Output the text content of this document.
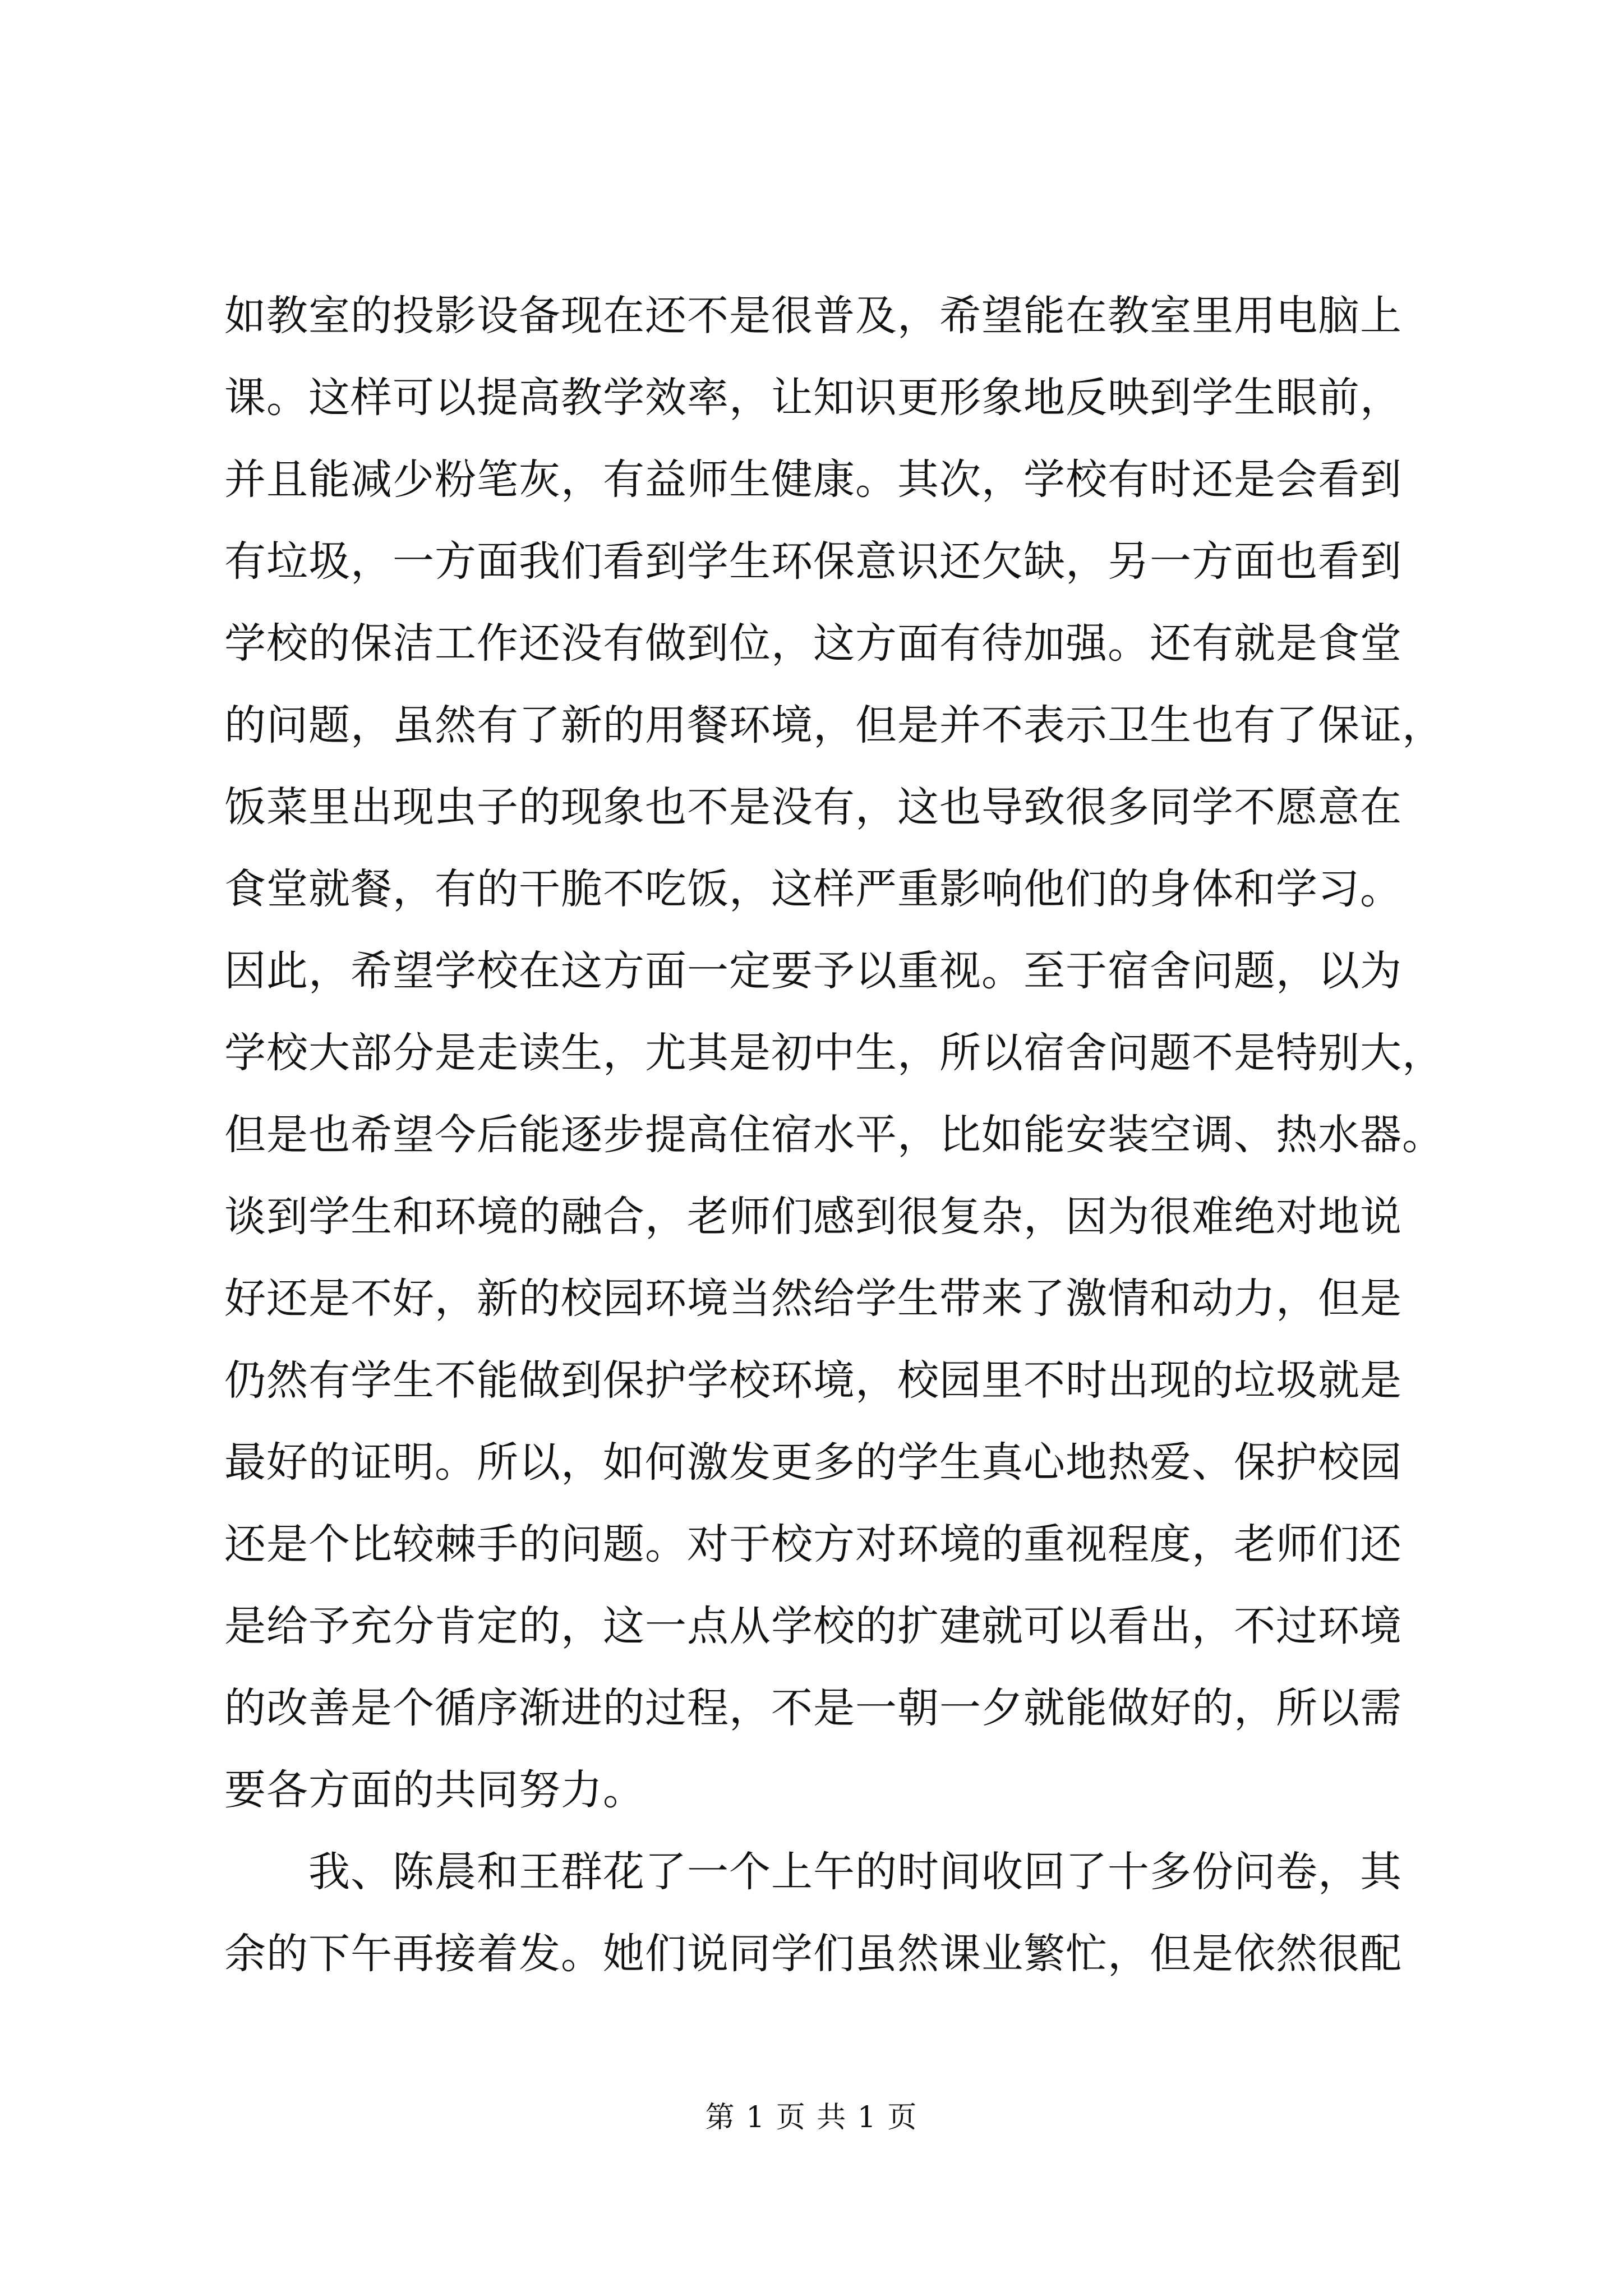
如教室的投影设备现在还不是很普及，希望能在教室里用电脑上
课。这样可以提高教学效率，让知识更形象地反映到学生眼前，
并且能减少粉笔灰，有益师生健康。其次，学校有时还是会看到
有垃圾，一方面我们看到学生环保意识还欠缺，另一方面也看到
学校的保洁工作还没有做到位，这方面有待加强。还有就是食堂
的问题，虽然有了新的用餐环境，但是并不表示卫生也有了保证，
饭菜里出现虫子的现象也不是没有，这也导致很多同学不愿意在
食堂就餐，有的干脆不吃饭，这样严重影响他们的身体和学习。
因此，希望学校在这方面一定要予以重视。至于宿舍问题，以为
学校大部分是走读生，尤其是初中生，所以宿舍问题不是特别大，
但是也希望今后能逐步提高住宿水平，比如能安装空调、热水器。
谈到学生和环境的融合，老师们感到很复杂，因为很难绝对地说
好还是不好，新的校园环境当然给学生带来了激情和动力，但是
仍然有学生不能做到保护学校环境，校园里不时出现的垃圾就是
最好的证明。所以，如何激发更多的学生真心地热爱、保护校园
还是个比较棘手的问题。对于校方对环境的重视程度，老师们还
是给予充分肯定的，这一点从学校的扩建就可以看出，不过环境
的改善是个循序渐进的过程，不是一朝一夕就能做好的，所以需
要各方面的共同努力。
我、陈晨和王群花了一个上午的时间收回了十多份问卷，其
余的下午再接着发。她们说同学们虽然课业繁忙，但是依然很配
第 1 页 共 1 页
